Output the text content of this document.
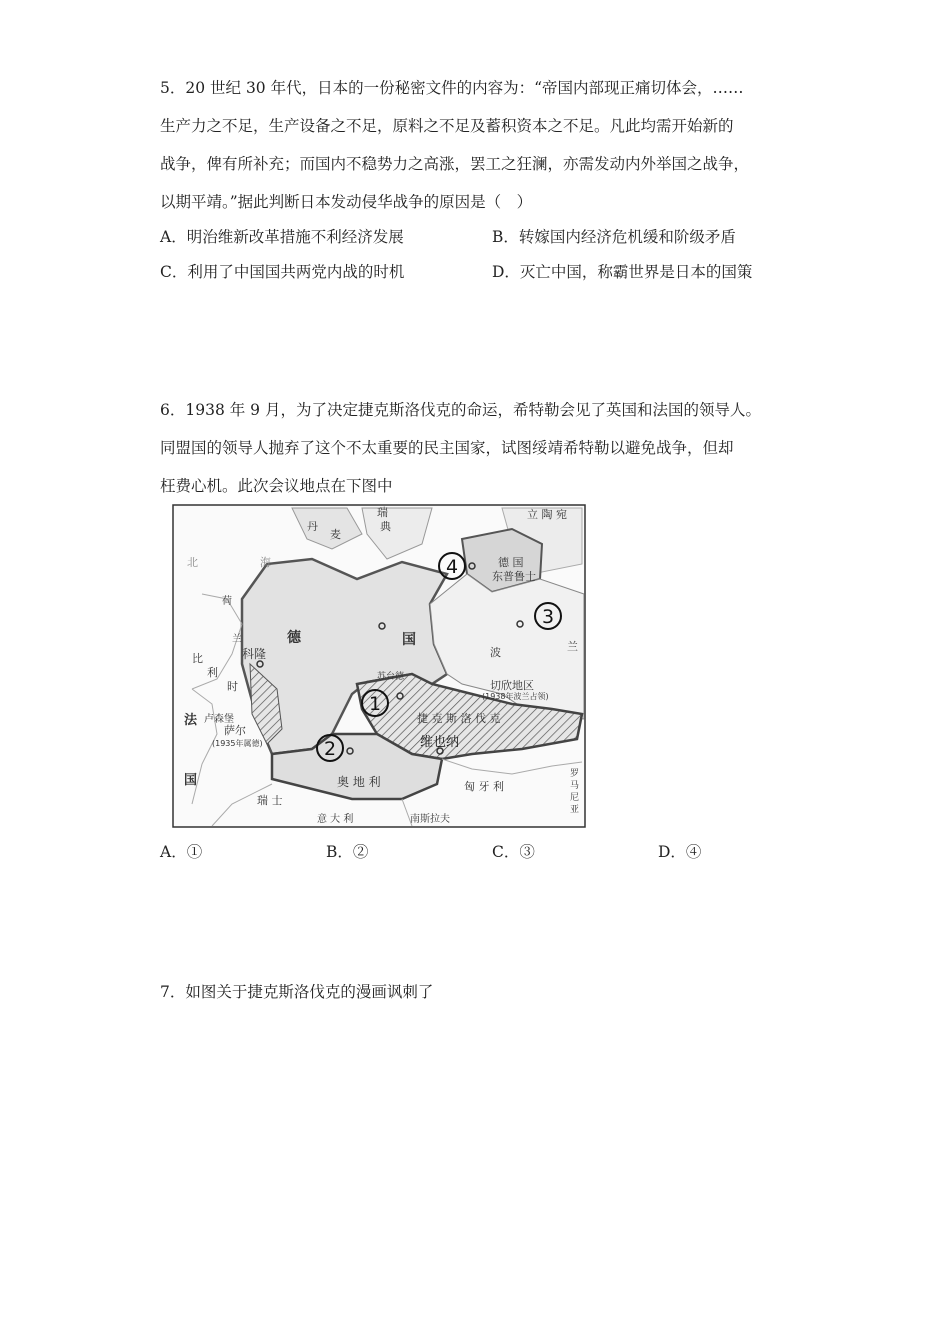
5．20 世纪 30 年代，日本的一份秘密文件的内容为：“帝国内部现正痛切体会，……
生产力之不足，生产设备之不足，原料之不足及蓄积资本之不足。凡此均需开始新的
战争，俾有所补充；而国内不稳势力之高涨，罢工之狂澜，亦需发动内外举国之战争，
以期平靖。”据此判断日本发动侵华战争的原因是（　）
A．明治维新改革措施不利经济发展	B．转嫁国内经济危机缓和阶级矛盾
C．利用了中国国共两党内战的时机	D．灭亡中国，称霸世界是日本的国策
6．1938 年 9 月，为了决定捷克斯洛伐克的命运，希特勒会见了英国和法国的领导人。
同盟国的领导人抛弃了这个不太重要的民主国家，试图绥靖希特勒以避免战争，但却
枉费心机。此次会议地点在下图中
丹
麦
瑞
典
立 陶 宛
北	海	德 国
东普鲁士
荷
兰	德	国
波	兰
科隆
比
利
时
卢森堡
萨尔
(1935年属德)
苏台德
切欣地区
(1938年波兰占领)
捷 克 斯 洛 伐 克
维也纳
法
国	奥 地 利
瑞 士
匈 牙 利
罗
马
尼
亚
意 大 利	南斯拉夫
1
2
3
4
A．①	B．②	C．③	D．④
7．如图关于捷克斯洛伐克的漫画讽刺了
